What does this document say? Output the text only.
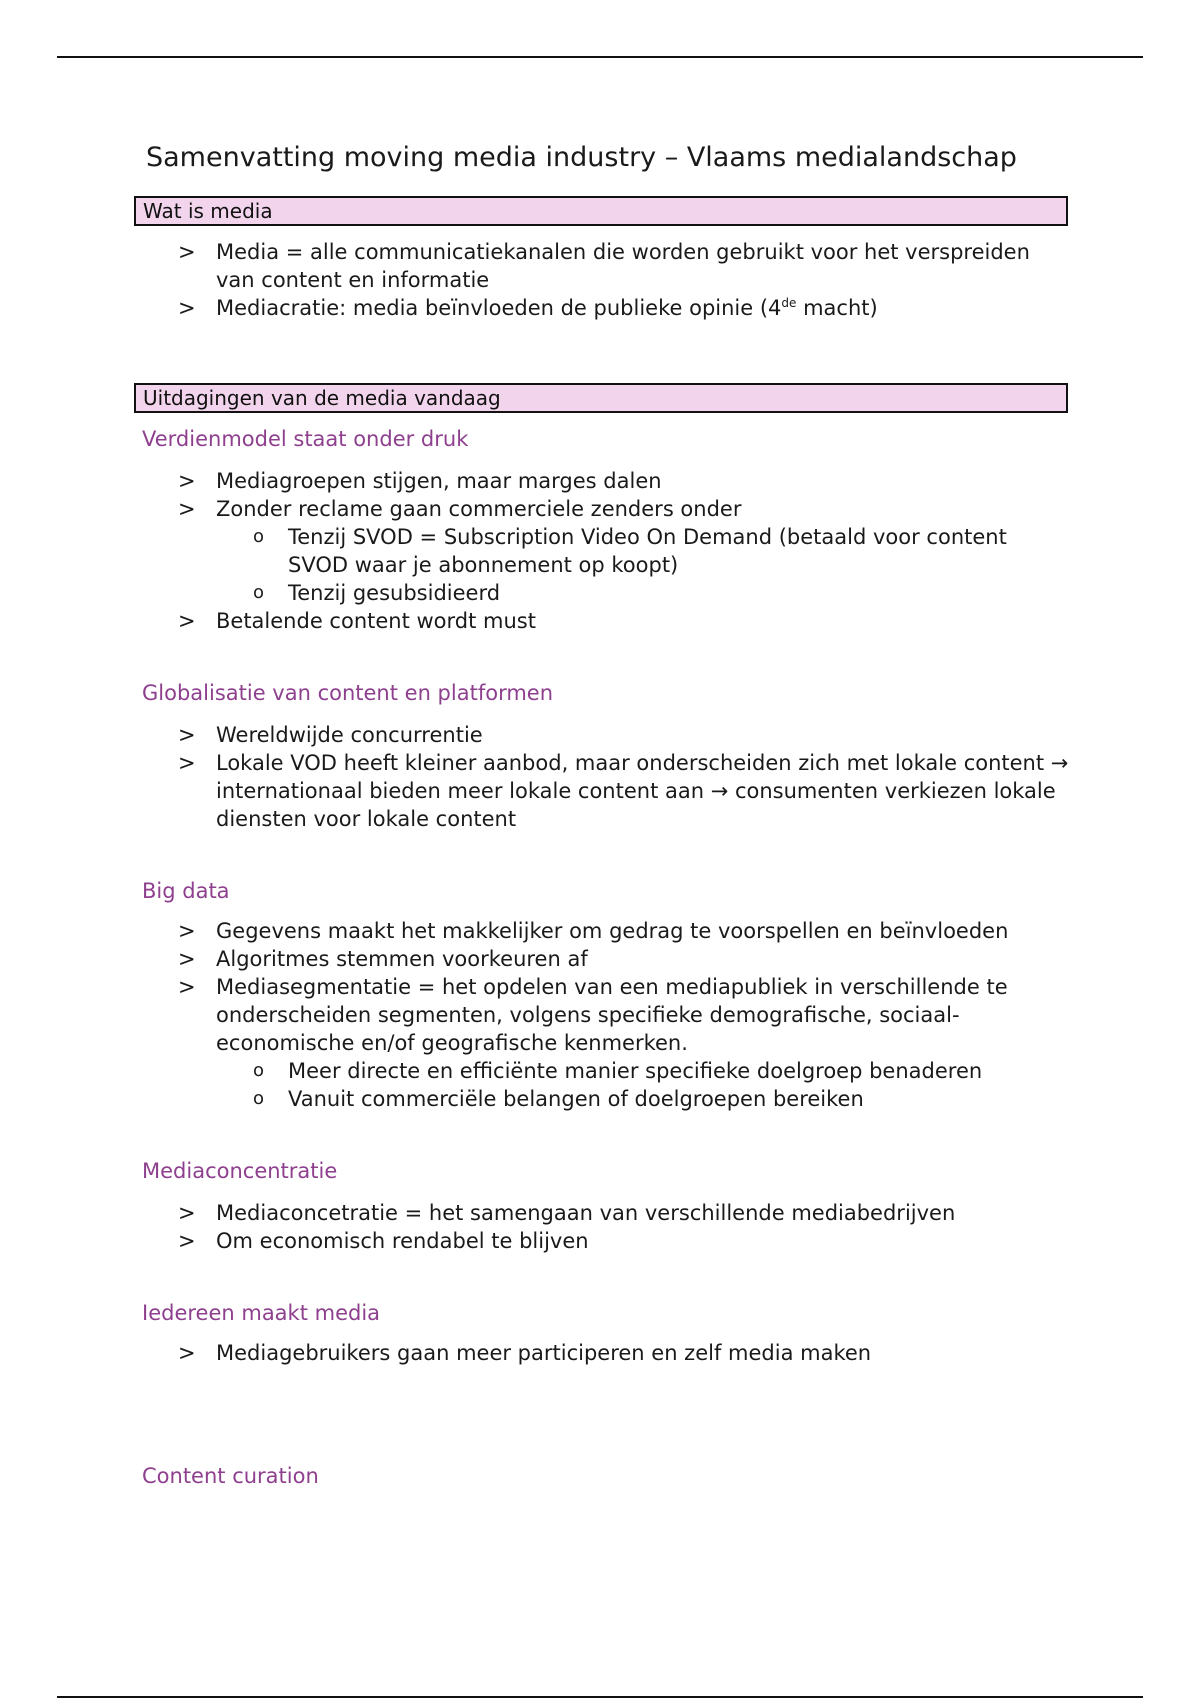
Samenvatting moving media industry – Vlaams medialandschap
Wat is media
> Media = alle communicatiekanalen die worden gebruikt voor het verspreiden van content en informatie
> Mediacratie: media beïnvloeden de publieke opinie (4de macht)
Uitdagingen van de media vandaag
Verdienmodel staat onder druk
> Mediagroepen stijgen, maar marges dalen
> Zonder reclame gaan commerciele zenders onder
o Tenzij SVOD = Subscription Video On Demand (betaald voor content SVOD waar je abonnement op koopt)
o Tenzij gesubsidieerd
> Betalende content wordt must
Globalisatie van content en platformen
> Wereldwijde concurrentie
> Lokale VOD heeft kleiner aanbod, maar onderscheiden zich met lokale content → internationaal bieden meer lokale content aan → consumenten verkiezen lokale diensten voor lokale content
Big data
> Gegevens maakt het makkelijker om gedrag te voorspellen en beïnvloeden
> Algoritmes stemmen voorkeuren af
> Mediasegmentatie = het opdelen van een mediapubliek in verschillende te onderscheiden segmenten, volgens specifieke demografische, sociaal-economische en/of geografische kenmerken.
o Meer directe en efficiënte manier specifieke doelgroep benaderen
o Vanuit commerciële belangen of doelgroepen bereiken
Mediaconcentratie
> Mediaconcetratie = het samengaan van verschillende mediabedrijven
> Om economisch rendabel te blijven
Iedereen maakt media
> Mediagebruikers gaan meer participeren en zelf media maken
Content curation
